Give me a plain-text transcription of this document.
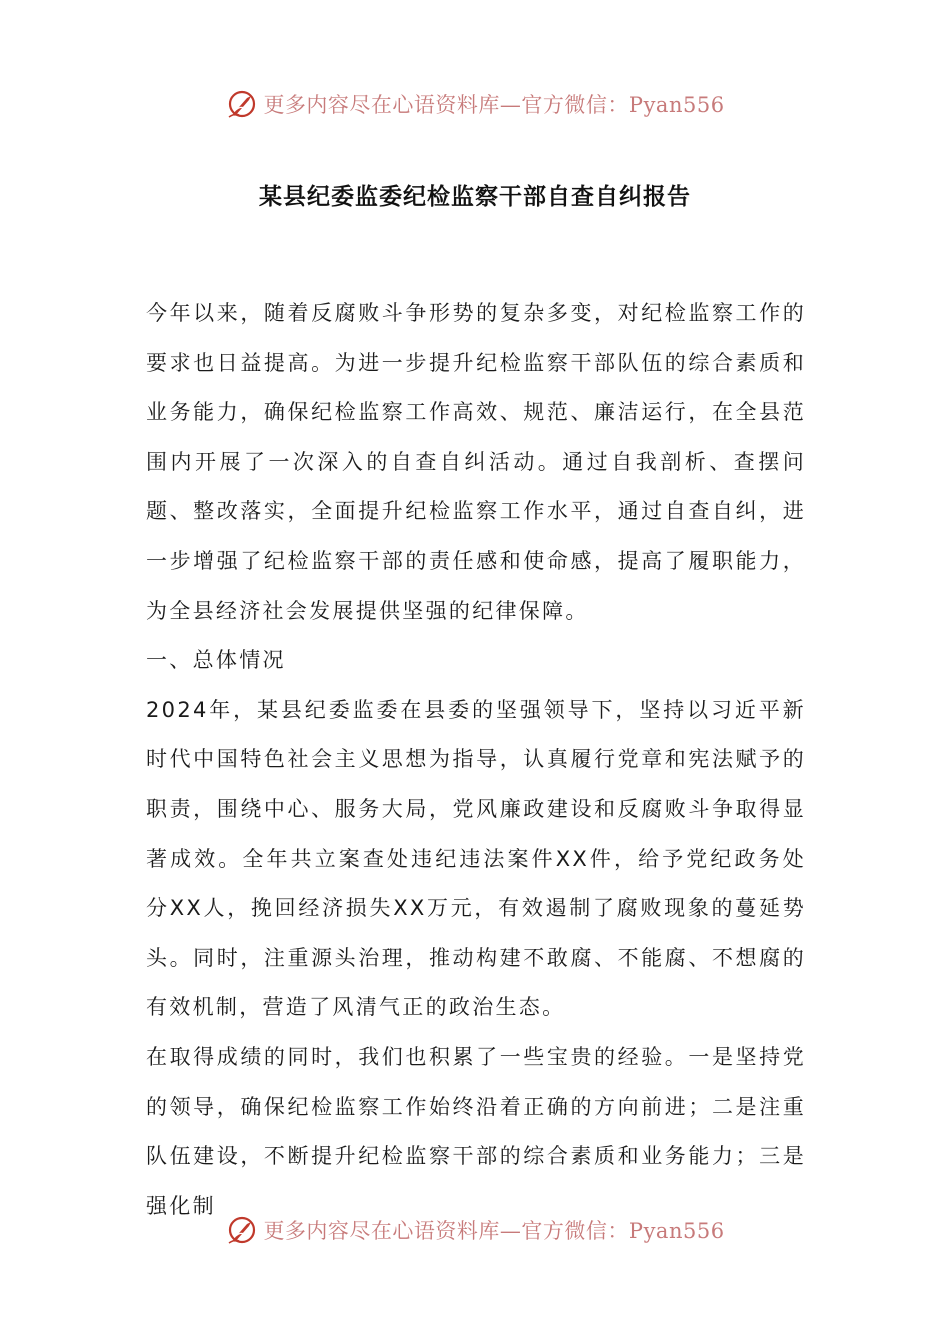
更多内容尽在心语资料库—官方微信：Pyan556
某县纪委监委纪检监察干部自查自纠报告

今年以来，随着反腐败斗争形势的复杂多变，对纪检监察工作的要求也日益提高。为进一步提升纪检监察干部队伍的综合素质和业务能力，确保纪检监察工作高效、规范、廉洁运行，在全县范围内开展了一次深入的自查自纠活动。通过自我剖析、查摆问题、整改落实，全面提升纪检监察工作水平，通过自查自纠，进一步增强了纪检监察干部的责任感和使命感，提高了履职能力，为全县经济社会发展提供坚强的纪律保障。

一、总体情况

2024年，某县纪委监委在县委的坚强领导下，坚持以习近平新时代中国特色社会主义思想为指导，认真履行党章和宪法赋予的职责，围绕中心、服务大局，党风廉政建设和反腐败斗争取得显著成效。全年共立案查处违纪违法案件XX件，给予党纪政务处分XX人，挽回经济损失XX万元，有效遏制了腐败现象的蔓延势头。同时，注重源头治理，推动构建不敢腐、不能腐、不想腐的有效机制，营造了风清气正的政治生态。

在取得成绩的同时，我们也积累了一些宝贵的经验。一是坚持党的领导，确保纪检监察工作始终沿着正确的方向前进；二是注重队伍建设，不断提升纪检监察干部的综合素质和业务能力；三是强化制

更多内容尽在心语资料库—官方微信：Pyan556
